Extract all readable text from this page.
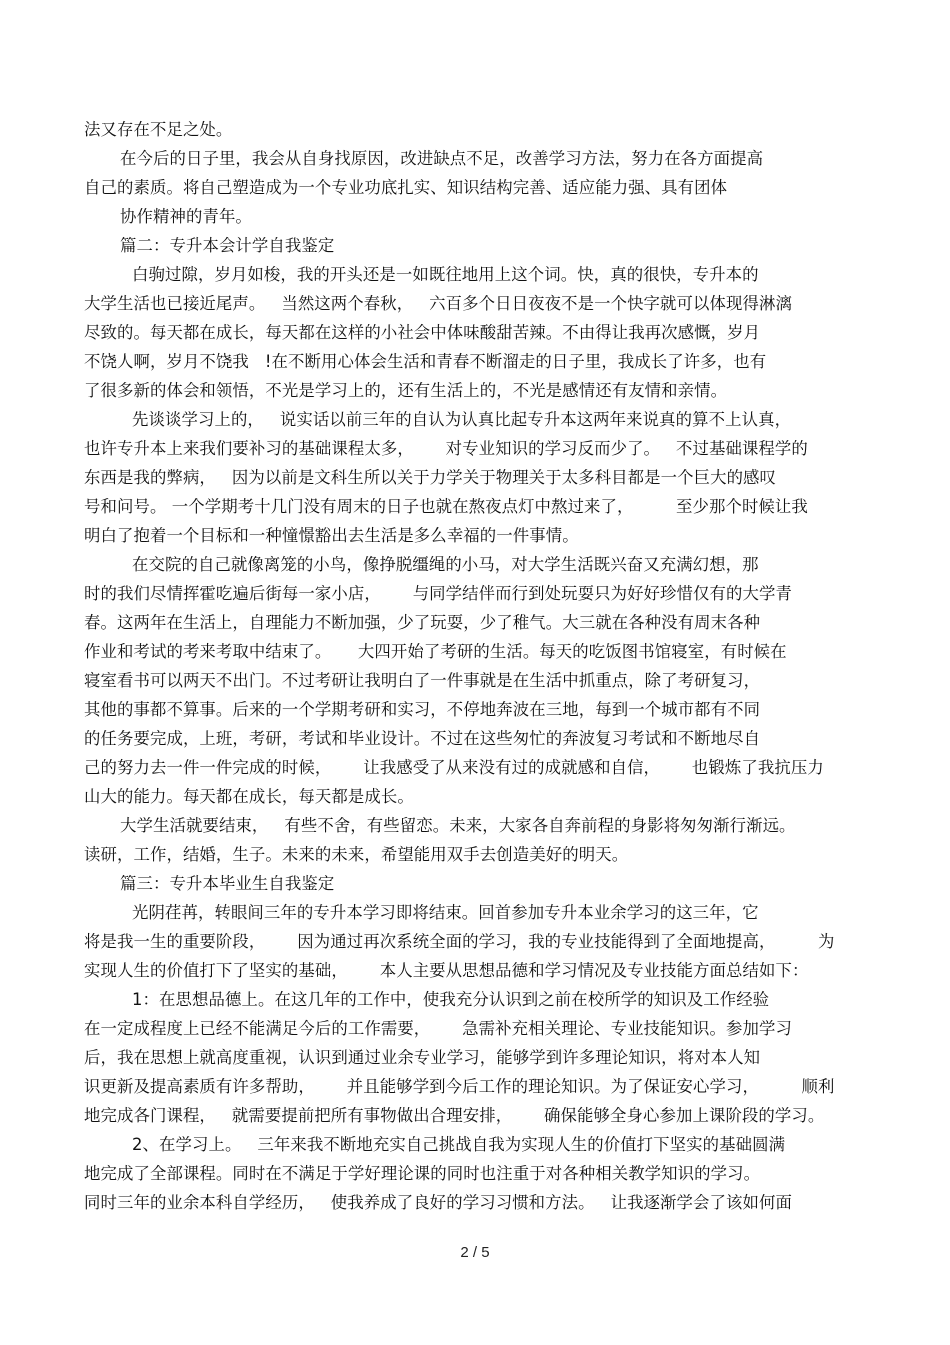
法又存在不足之处。
在今后的日子里，我会从自身找原因，改进缺点不足，改善学习方法，努力在各方面提高
自己的素质。将自己塑造成为一个专业功底扎实、知识结构完善、适应能力强、具有团体
协作精神的青年。
篇二：专升本会计学自我鉴定
白驹过隙，岁月如梭，我的开头还是一如既往地用上这个词。快，真的很快，专升本的
大学生活也已接近尾声。   当然这两个春秋，   六百多个日日夜夜不是一个快字就可以体现得淋漓
尽致的。每天都在成长，每天都在这样的小社会中体味酸甜苦辣。不由得让我再次感慨，岁月
不饶人啊，岁月不饶我   !在不断用心体会生活和青春不断溜走的日子里，我成长了许多，也有
了很多新的体会和领悟，不光是学习上的，还有生活上的，不光是感情还有友情和亲情。
先谈谈学习上的，   说实话以前三年的自认为认真比起专升本这两年来说真的算不上认真，
也许专升本上来我们要补习的基础课程太多，      对专业知识的学习反而少了。   不过基础课程学的
东西是我的弊病，   因为以前是文科生所以关于力学关于物理关于太多科目都是一个巨大的感叹
号和问号。 一个学期考十几门没有周末的日子也就在熬夜点灯中熬过来了，        至少那个时候让我
明白了抱着一个目标和一种憧憬豁出去生活是多么幸福的一件事情。
在交院的自己就像离笼的小鸟，像挣脱缰绳的小马，对大学生活既兴奋又充满幻想，那
时的我们尽情挥霍吃遍后街每一家小店，      与同学结伴而行到处玩耍只为好好珍惜仅有的大学青
春。这两年在生活上，自理能力不断加强，少了玩耍，少了稚气。大三就在各种没有周末各种
作业和考试的考来考取中结束了。     大四开始了考研的生活。每天的吃饭图书馆寝室，有时候在
寝室看书可以两天不出门。不过考研让我明白了一件事就是在生活中抓重点，除了考研复习，
其他的事都不算事。后来的一个学期考研和实习，不停地奔波在三地，每到一个城市都有不同
的任务要完成，上班，考研，考试和毕业设计。不过在这些匆忙的奔波复习考试和不断地尽自
己的努力去一件一件完成的时候，      让我感受了从来没有过的成就感和自信，      也锻炼了我抗压力
山大的能力。每天都在成长，每天都是成长。
大学生活就要结束，   有些不舍，有些留恋。未来，大家各自奔前程的身影将匆匆渐行渐远。
读研，工作，结婚，生子。未来的未来，希望能用双手去创造美好的明天。
篇三：专升本毕业生自我鉴定
光阴荏苒，转眼间三年的专升本学习即将结束。回首参加专升本业余学习的这三年，它
将是我一生的重要阶段，      因为通过再次系统全面的学习，我的专业技能得到了全面地提高，        为
实现人生的价值打下了坚实的基础，      本人主要从思想品德和学习情况及专业技能方面总结如下：
1：在思想品德上。在这几年的工作中，使我充分认识到之前在校所学的知识及工作经验
在一定成程度上已经不能满足今后的工作需要，      急需补充相关理论、专业技能知识。参加学习
后，我在思想上就高度重视，认识到通过业余专业学习，能够学到许多理论知识，将对本人知
识更新及提高素质有许多帮助，      并且能够学到今后工作的理论知识。为了保证安心学习，        顺利
地完成各门课程，   就需要提前把所有事物做出合理安排，      确保能够全身心参加上课阶段的学习。
2、在学习上。   三年来我不断地充实自己挑战自我为实现人生的价值打下坚实的基础圆满
地完成了全部课程。同时在不满足于学好理论课的同时也注重于对各种相关教学知识的学习。
同时三年的业余本科自学经历，   使我养成了良好的学习习惯和方法。   让我逐渐学会了该如何面
2 / 5
